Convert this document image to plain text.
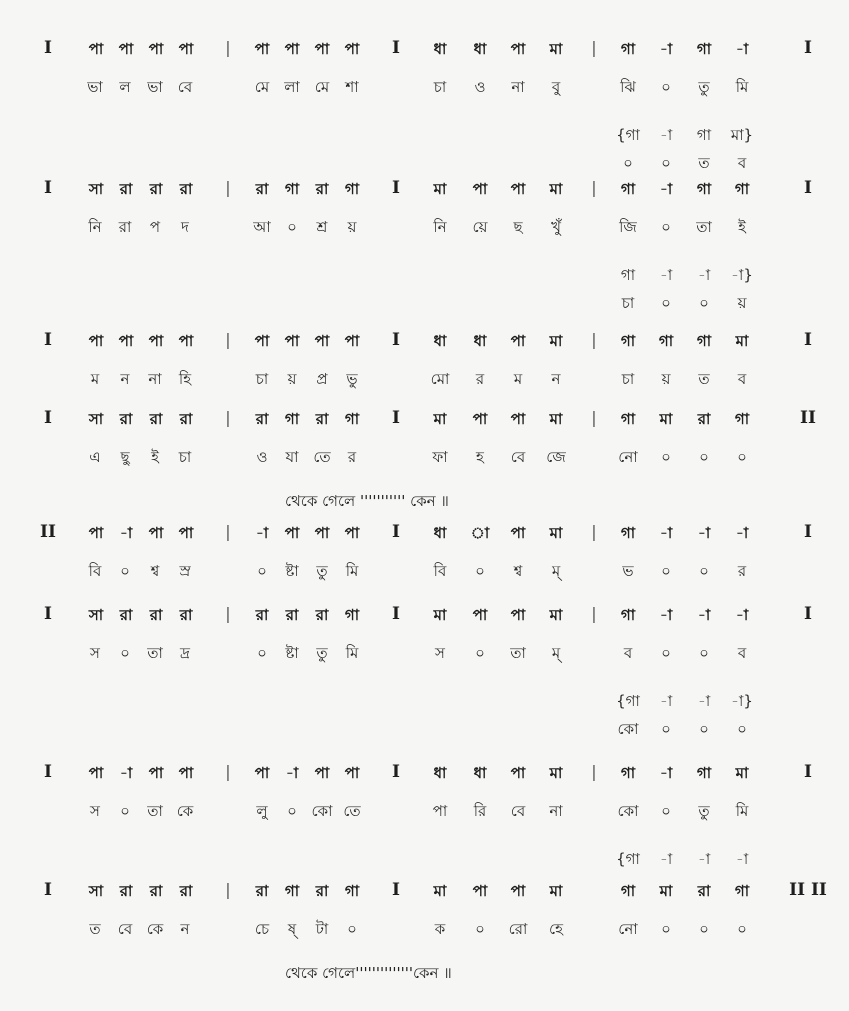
I পা পা পা পা | পা পা পা পা I ধা ধা পা মা | গা -া গা -া	I
ভা ল ভা বে	মে লা মে শা	চা ও না বু	ঝি ০ তু মি
{গা -া গা মা}
০ ০ ত ব
I সা রা রা রা | রা গা রা গা I মা পা পা মা | গা -া গা গা	I
নি রা প দ	আ ০ শ্র য়	নি য়ে ছ খুঁ	জি ০ তা ই
গা -া -া -া}
চা ০ ০ য়
I পা পা পা পা | পা পা পা পা I ধা ধা পা মা | গা গা গা মা	I
ম ন না হি	চা য় প্র ভু	মো র ম ন	চা য় ত ব
I সা রা রা রা | রা গা রা গা I মা পা পা মা | গা মা রা গা	II
এ ছু ই চা	ও যা তে র	ফা হ বে জে	নো ০ ০ ০
থেকে গেলে ''''''''''' কেন ॥
II পা -া পা পা | -া পা পা পা I ধা া পা মা | গা -া -া -া	I
বি ০ শ্ব স্র	০ ষ্টা তু মি	বি ০ শ্ব ম্	ভ ০ ০ র
I সা রা রা রা | রা রা রা গা I মা পা পা মা | গা -া -া -া	I
স ০ তা দ্র	০ ষ্টা তু মি	স ০ তা ম্	ব ০ ০ ব
{গা -া -া -া}
কো ০ ০ ০
I পা -া পা পা | পা -া পা পা I ধা ধা পা মা | গা -া গা মা	I
স ০ তা কে	লু ০ কো তে	পা রি বে না	কো ০ তু মি
{গা -া -া -া
I সা রা রা রা | রা গা রা গা I মা পা পা মা	গা মা রা গা II II
ত বে কে ন	চে ষ্ টা ০	ক ০ রো হে	নো ০ ০ ০
থেকে গেলে''''''''''''''কেন ॥
